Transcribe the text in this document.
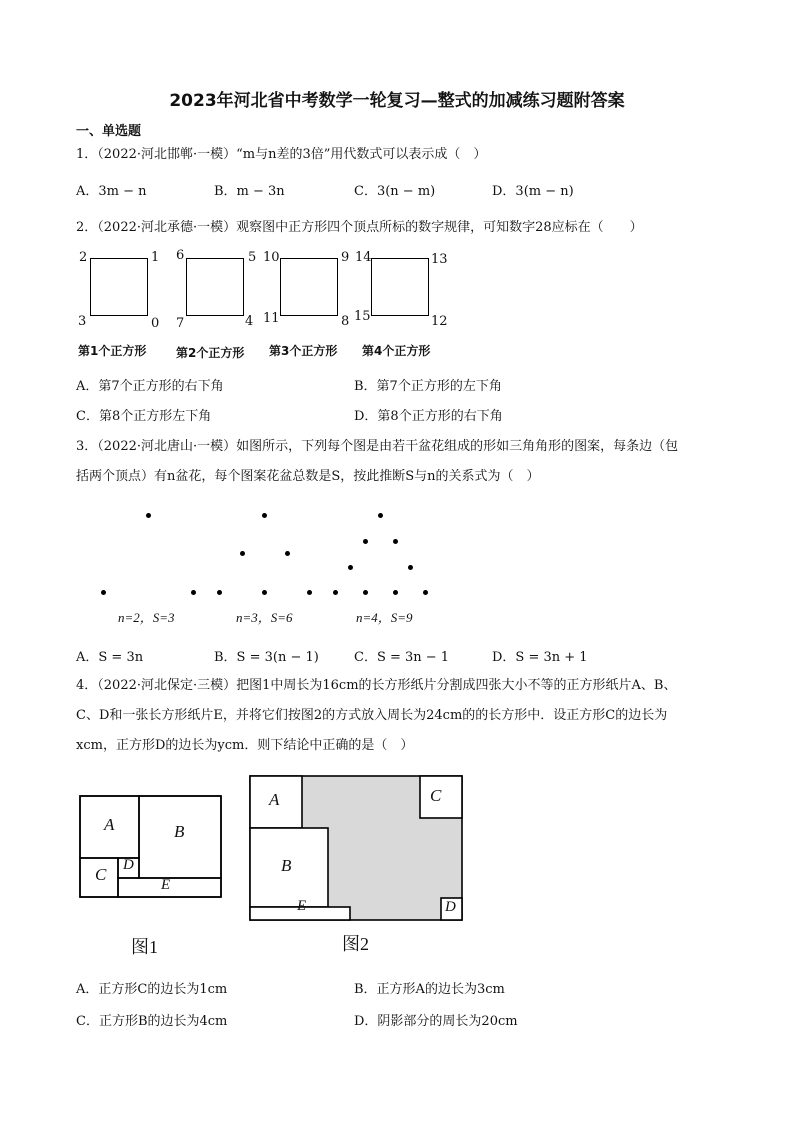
2023年河北省中考数学一轮复习—整式的加减练习题附答案
一、单选题
1．（2022·河北邯郸·一模）“m与n差的3倍”用代数式可以表示成（　）
A．3m − n	B．m − 3n	C．3(n − m)	D．3(m − n)
2．（2022·河北承德·一模）观察图中正方形四个顶点所标的数字规律，可知数字28应标在（　　）
2	1
3	0
第1个正方形
6	5
7	4
第2个正方形
10	9
11	8
第3个正方形
14	13
15	12
第4个正方形
A．第7个正方形的右下角	B．第7个正方形的左下角
C．第8个正方形左下角	D．第8个正方形的右下角
3．（2022·河北唐山·一模）如图所示，下列每个图是由若干盆花组成的形如三角角形的图案，每条边（包
括两个顶点）有n盆花，每个图案花盆总数是S，按此推断S与n的关系式为（　）
n=2，S=3	n=3，S=6	n=4，S=9
A．S = 3n	B．S = 3(n − 1)	C．S = 3n − 1	D．S = 3n + 1
4．（2022·河北保定·三模）把图1中周长为16cm的长方形纸片分割成四张大小不等的正方形纸片A、B、
C、D和一张长方形纸片E，并将它们按图2的方式放入周长为24cm的的长方形中．设正方形C的边长为
xcm，正方形D的边长为ycm．则下结论中正确的是（　）
A	B
C D
E
图1
A
B
C
D
E
图2
A．正方形C的边长为1cm	B．正方形A的边长为3cm
C．正方形B的边长为4cm	D．阴影部分的周长为20cm
